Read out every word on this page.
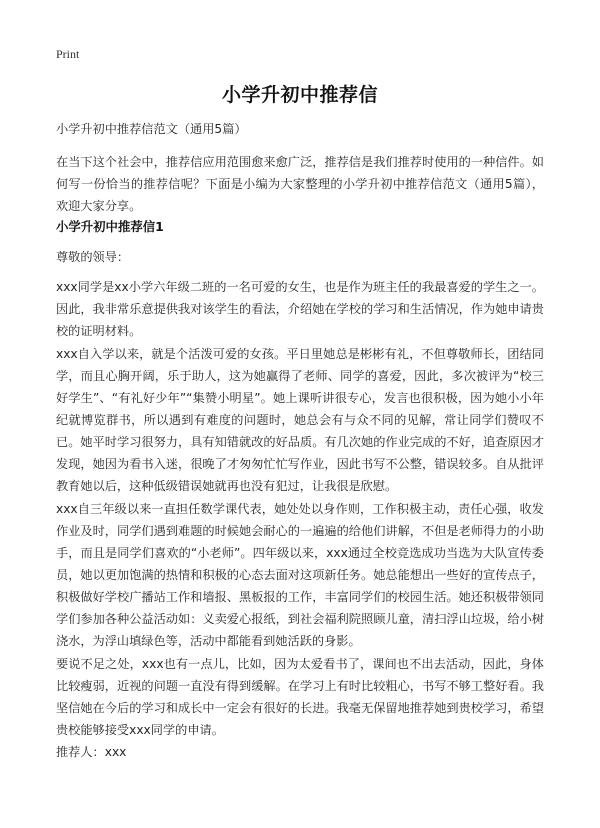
Print
小学升初中推荐信

小学升初中推荐信范文（通用5篇）

在当下这个社会中，推荐信应用范围愈来愈广泛，推荐信是我们推荐时使用的一种信件。如何写一份恰当的推荐信呢？下面是小编为大家整理的小学升初中推荐信范文（通用5篇），欢迎大家分享。

小学升初中推荐信1

尊敬的领导：

xxx同学是xx小学六年级二班的一名可爱的女生，也是作为班主任的我最喜爱的学生之一。因此，我非常乐意提供我对该学生的看法，介绍她在学校的学习和生活情况，作为她申请贵校的证明材料。

xxx自入学以来，就是个活泼可爱的女孩。平日里她总是彬彬有礼，不但尊敬师长，团结同学，而且心胸开阔，乐于助人，这为她赢得了老师、同学的喜爱，因此，多次被评为“校三好学生”、“有礼好少年”“集赞小明星”。她上课听讲很专心，发言也很积极，因为她小小年纪就博览群书，所以遇到有难度的问题时，她总会有与众不同的见解，常让同学们赞叹不已。她平时学习很努力，具有知错就改的好品质。有几次她的作业完成的不好，追查原因才发现，她因为看书入迷，很晚了才匆匆忙忙写作业，因此书写不公整，错误较多。自从批评教育她以后，这种低级错误她就再也没有犯过，让我很是欣慰。

xxx自三年级以来一直担任数学课代表，她处处以身作则，工作积极主动，责任心强，收发作业及时，同学们遇到难题的时候她会耐心的一遍遍的给他们讲解，不但是老师得力的小助手，而且是同学们喜欢的“小老师”。四年级以来，xxx通过全校竞选成功当选为大队宣传委员，她以更加饱满的热情和积极的心态去面对这项新任务。她总能想出一些好的宣传点子，积极做好学校广播站工作和墙报、黑板报的工作，丰富同学们的校园生活。她还积极带领同学们参加各种公益活动如：义卖爱心报纸，到社会福利院照顾儿童，清扫浮山垃圾，给小树浇水，为浮山填绿色等，活动中都能看到她活跃的身影。

要说不足之处，xxx也有一点儿，比如，因为太爱看书了，课间也不出去活动，因此，身体比较瘦弱，近视的问题一直没有得到缓解。在学习上有时比较粗心，书写不够工整好看。我坚信她在今后的学习和成长中一定会有很好的长进。我毫无保留地推荐她到贵校学习，希望贵校能够接受xxx同学的申请。

推荐人：xxx
